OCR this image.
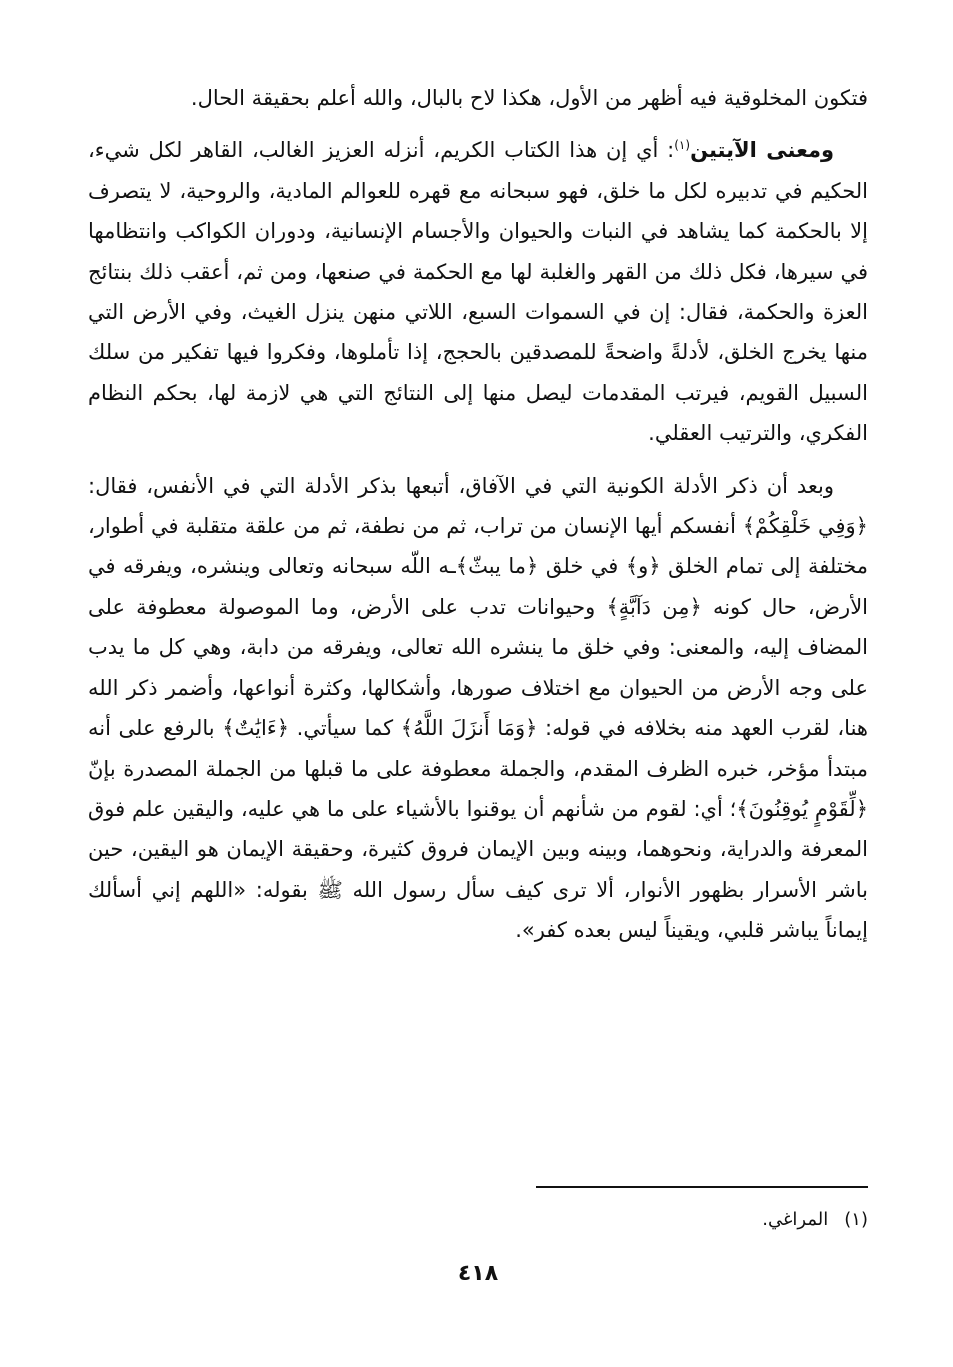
فتكون المخلوقية فيه أظهر من الأول، هكذا لاح بالبال، والله أعلم بحقيقة الحال.

ومعنى الآيتين$^{(١)}$: أي إن هذا الكتاب الكريم، أنزله العزيز الغالب، القاهر لكل شيء، الحكيم في تدبيره لكل ما خلق، فهو سبحانه مع قهره للعوالم المادية، والروحية، لا يتصرف إلا بالحكمة كما يشاهد في النبات والحيوان والأجسام الإنسانية، ودوران الكواكب وانتظامها في سيرها، فكل ذلك من القهر والغلبة لها مع الحكمة في صنعها، ومن ثم، أعقب ذلك بنتائج العزة والحكمة، فقال: إن في السموات السبع، اللاتي منهن ينزل الغيث، وفي الأرض التي منها يخرج الخلق، لأدلةً واضحةً للمصدقين بالحجج، إذا تأملوها، وفكروا فيها تفكير من سلك السبيل القويم، فيرتب المقدمات ليصل منها إلى النتائج التي هي لازمة لها، بحكم النظام الفكري، والترتيب العقلي.

وبعد أن ذكر الأدلة الكونية التي في الآفاق، أتبعها بذكر الأدلة التي في الأنفس، فقال: ﴿وَفِي خَلْقِكُمْ﴾ أنفسكم أيها الإنسان من تراب، ثم من نطفة، ثم من علقة متقلبة في أطوار، مختلفة إلى تمام الخلق ﴿و﴾ في خلق ﴿ما يبثّ﴾ـه اللّه سبحانه وتعالى وينشره، ويفرقه في الأرض، حال كونه ﴿مِن دَآبَّةٍ﴾ وحيوانات تدب على الأرض، وما الموصولة معطوفة على المضاف إليه، والمعنى: وفي خلق ما ينشره الله تعالى، ويفرقه من دابة، وهي كل ما يدب على وجه الأرض من الحيوان مع اختلاف صورها، وأشكالها، وكثرة أنواعها، وأضمر ذكر الله هنا، لقرب العهد منه بخلافه في قوله: ﴿وَمَا أَنزَلَ اللَّهُ﴾ كما سيأتي. ﴿ءَايَٰتٌ﴾ بالرفع على أنه مبتدأ مؤخر، خبره الظرف المقدم، والجملة معطوفة على ما قبلها من الجملة المصدرة بإنّ ﴿لِّقَوْمٍ يُوقِنُونَ﴾؛ أي: لقوم من شأنهم أن يوقنوا بالأشياء على ما هي عليه، واليقين علم فوق المعرفة والدراية، ونحوهما، وبينه وبين الإيمان فروق كثيرة، وحقيقة الإيمان هو اليقين، حين باشر الأسرار بظهور الأنوار، ألا ترى كيف سأل رسول الله ﷺ بقوله: «اللهم إني أسألك إيماناً يباشر قلبي، ويقيناً ليس بعده كفر».

(١)المراغي.
٤١٨
